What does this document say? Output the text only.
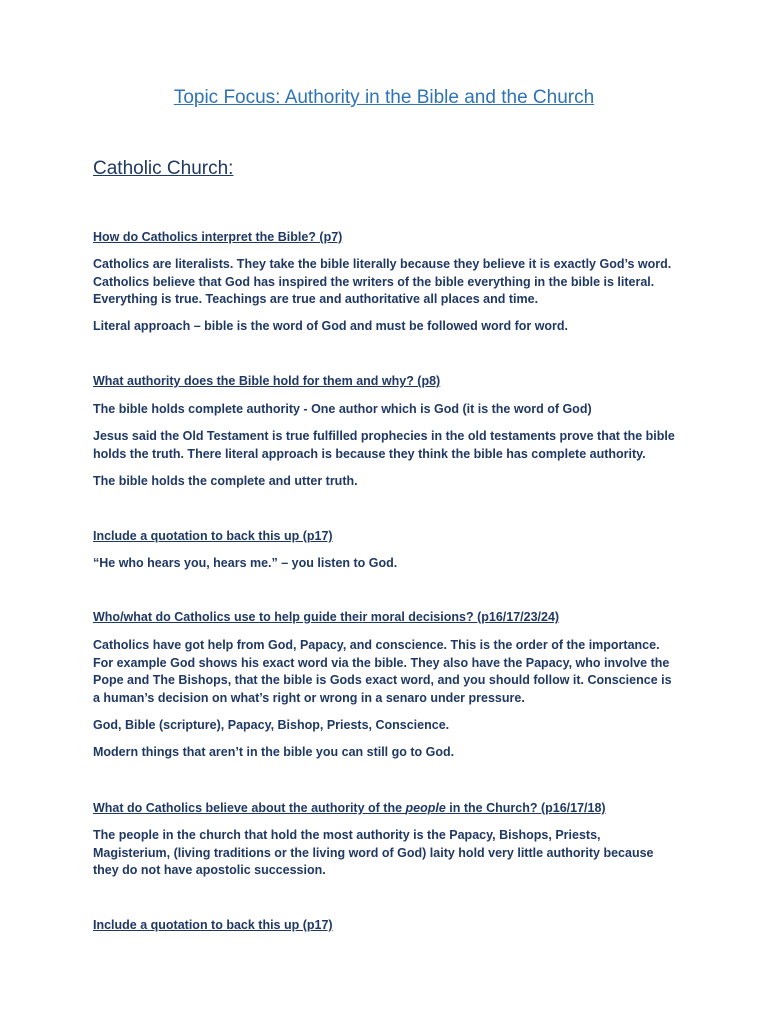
Topic Focus: Authority in the Bible and the Church
Catholic Church:

How do Catholics interpret the Bible? (p7)

Catholics are literalists. They take the bible literally because they believe it is exactly God’s word. Catholics believe that God has inspired the writers of the bible everything in the bible is literal. Everything is true. Teachings are true and authoritative all places and time.

Literal approach – bible is the word of God and must be followed word for word.

What authority does the Bible hold for them and why? (p8)

The bible holds complete authority - One author which is God (it is the word of God)

Jesus said the Old Testament is true fulfilled prophecies in the old testaments prove that the bible holds the truth. There literal approach is because they think the bible has complete authority.

The bible holds the complete and utter truth.

Include a quotation to back this up (p17)

“He who hears you, hears me.” – you listen to God.

Who/what do Catholics use to help guide their moral decisions? (p16/17/23/24)

Catholics have got help from God, Papacy, and conscience. This is the order of the importance. For example God shows his exact word via the bible. They also have the Papacy, who involve the Pope and The Bishops, that the bible is Gods exact word, and you should follow it. Conscience is a human’s decision on what’s right or wrong in a senaro under pressure.

God, Bible (scripture), Papacy, Bishop, Priests, Conscience.

Modern things that aren’t in the bible you can still go to God.

What do Catholics believe about the authority of the people in the Church? (p16/17/18)

The people in the church that hold the most authority is the Papacy, Bishops, Priests, Magisterium, (living traditions or the living word of God) laity hold very little authority because they do not have apostolic succession.

Include a quotation to back this up (p17)
